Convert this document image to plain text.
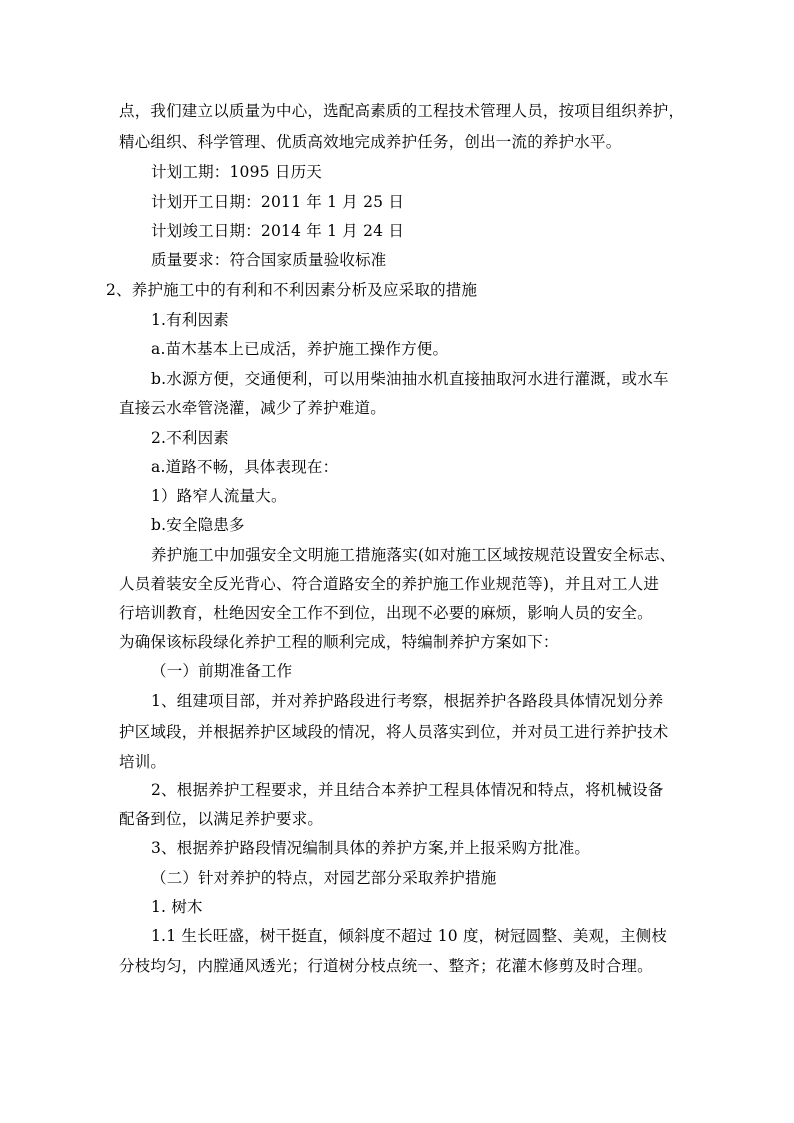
点，我们建立以质量为中心，选配高素质的工程技术管理人员，按项目组织养护，
精心组织、科学管理、优质高效地完成养护任务，创出一流的养护水平。
计划工期：1095 日历天
计划开工日期：2011 年 1 月 25 日
计划竣工日期：2014 年 1 月 24 日
质量要求：符合国家质量验收标准
2、养护施工中的有利和不利因素分析及应采取的措施
1.有利因素
a.苗木基本上已成活，养护施工操作方便。
b.水源方便，交通便利，可以用柴油抽水机直接抽取河水进行灌溉，或水车
直接云水牵管浇灌，减少了养护难道。
2.不利因素
a.道路不畅，具体表现在：
1）路窄人流量大。
b.安全隐患多
养护施工中加强安全文明施工措施落实(如对施工区域按规范设置安全标志、
人员着装安全反光背心、符合道路安全的养护施工作业规范等)，并且对工人进
行培训教育，杜绝因安全工作不到位，出现不必要的麻烦，影响人员的安全。
为确保该标段绿化养护工程的顺利完成，特编制养护方案如下：
（一）前期准备工作
1、组建项目部，并对养护路段进行考察，根据养护各路段具体情况划分养
护区域段，并根据养护区域段的情况，将人员落实到位，并对员工进行养护技术
培训。
2、根据养护工程要求，并且结合本养护工程具体情况和特点，将机械设备
配备到位，以满足养护要求。
3、根据养护路段情况编制具体的养护方案,并上报采购方批准。
（二）针对养护的特点，对园艺部分采取养护措施
1. 树木
1.1 生长旺盛，树干挺直，倾斜度不超过 10 度，树冠圆整、美观，主侧枝
分枝均匀，内膛通风透光；行道树分枝点统一、整齐；花灌木修剪及时合理。
